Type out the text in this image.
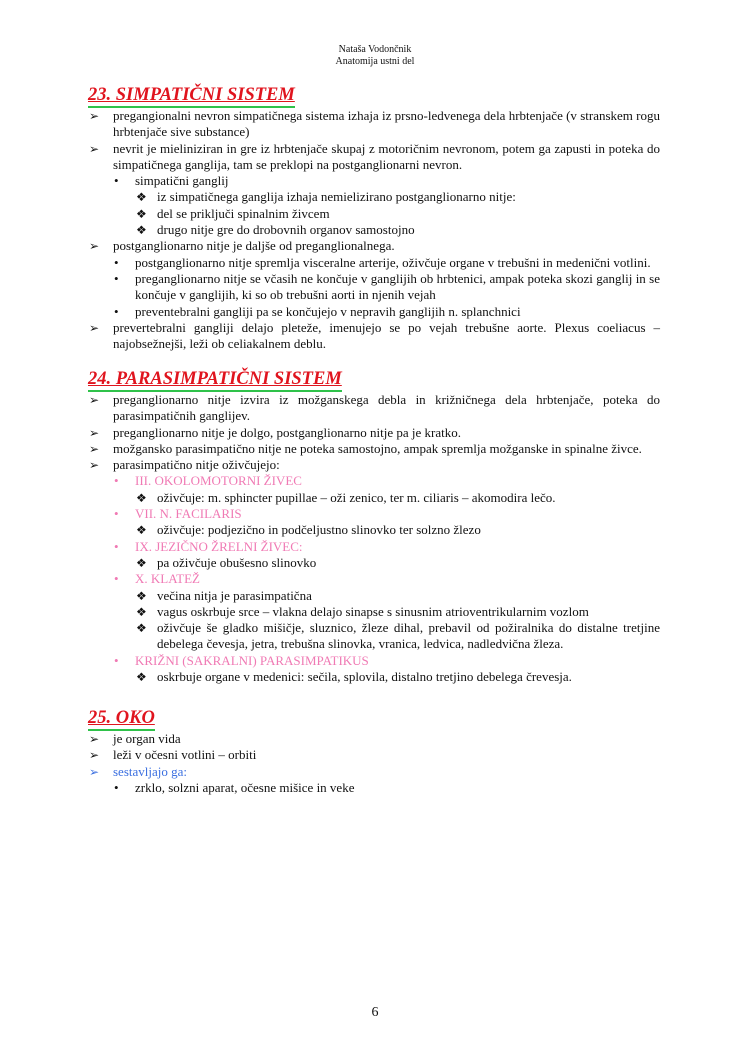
Nataša Vodončnik
Anatomija ustni del
23. SIMPATIČNI SISTEM
➢ pregangionalni nevron simpatičnega sistema izhaja iz prsno-ledvenega dela hrbtenjače (v stranskem rogu hrbtenjače sive substance)
➢ nevrit je mieliniziran in gre iz hrbtenjače skupaj z motoričnim nevronom, potem ga zapusti in poteka do simpatičnega ganglija, tam se preklopi na postganglionarni nevron.
• simpatični ganglij
❖ iz simpatičnega ganglija izhaja nemielizirano postganglionarno nitje:
❖ del se priključi spinalnim živcem
❖ drugo nitje gre do drobovnih organov samostojno
➢ postganglionarno nitje je daljše od preganglionalnega.
• postganglionarno nitje spremlja visceralne arterije, oživčuje organe v trebušni in medenični votlini.
• preganglionarno nitje se včasih ne končuje v ganglijih ob hrbtenici, ampak poteka skozi ganglij in se končuje v ganglijih, ki so ob trebušni aorti in njenih vejah
• preventebralni gangliji pa se končujejo v nepravih ganglijih n. splanchnici
➢ prevertebralni gangliji delajo pleteže, imenujejo se po vejah trebušne aorte. Plexus coeliacus – najobsežnejši, leži ob celiakalnem deblu.
24. PARASIMPATIČNI SISTEM
➢ preganglionarno nitje izvira iz možganskega debla in križničnega dela hrbtenjače, poteka do parasimpatičnih ganglijev.
➢ preganglionarno nitje je dolgo, postganglionarno nitje pa je kratko.
➢ možgansko parasimpatično nitje ne poteka samostojno, ampak spremlja možganske in spinalne živce.
➢ parasimpatično nitje oživčujejo:
• III. OKOLOMOTORNI ŽIVEC
❖ oživčuje: m. sphincter pupillae – oži zenico, ter m. ciliaris – akomodira lečo.
• VII. N. FACILARIS
❖ oživčuje: podjezično in podčeljustno slinovko ter solzno žlezo
• IX. JEZIČNO ŽRELNI ŽIVEC:
❖ pa oživčuje obušesno slinovko
• X. KLATEŽ
❖ večina nitja je parasimpatična
❖ vagus oskrbuje srce – vlakna delajo sinapse s sinusnim atrioventrikularnim vozlom
❖ oživčuje še gladko mišičje, sluznico, žleze dihal, prebavil od požiralnika do distalne tretjine debelega čevesja, jetra, trebušna slinovka, vranica, ledvica, nadledvična žleza.
• KRIŽNI (SAKRALNI) PARASIMPATIKUS
❖ oskrbuje organe v medenici: sečila, splovila, distalno tretjino debelega črevesja.
25. OKO
➢ je organ vida
➢ leži v očesni votlini – orbiti
➢ sestavljajo ga:
• zrklo, solzni aparat, očesne mišice in veke
6
